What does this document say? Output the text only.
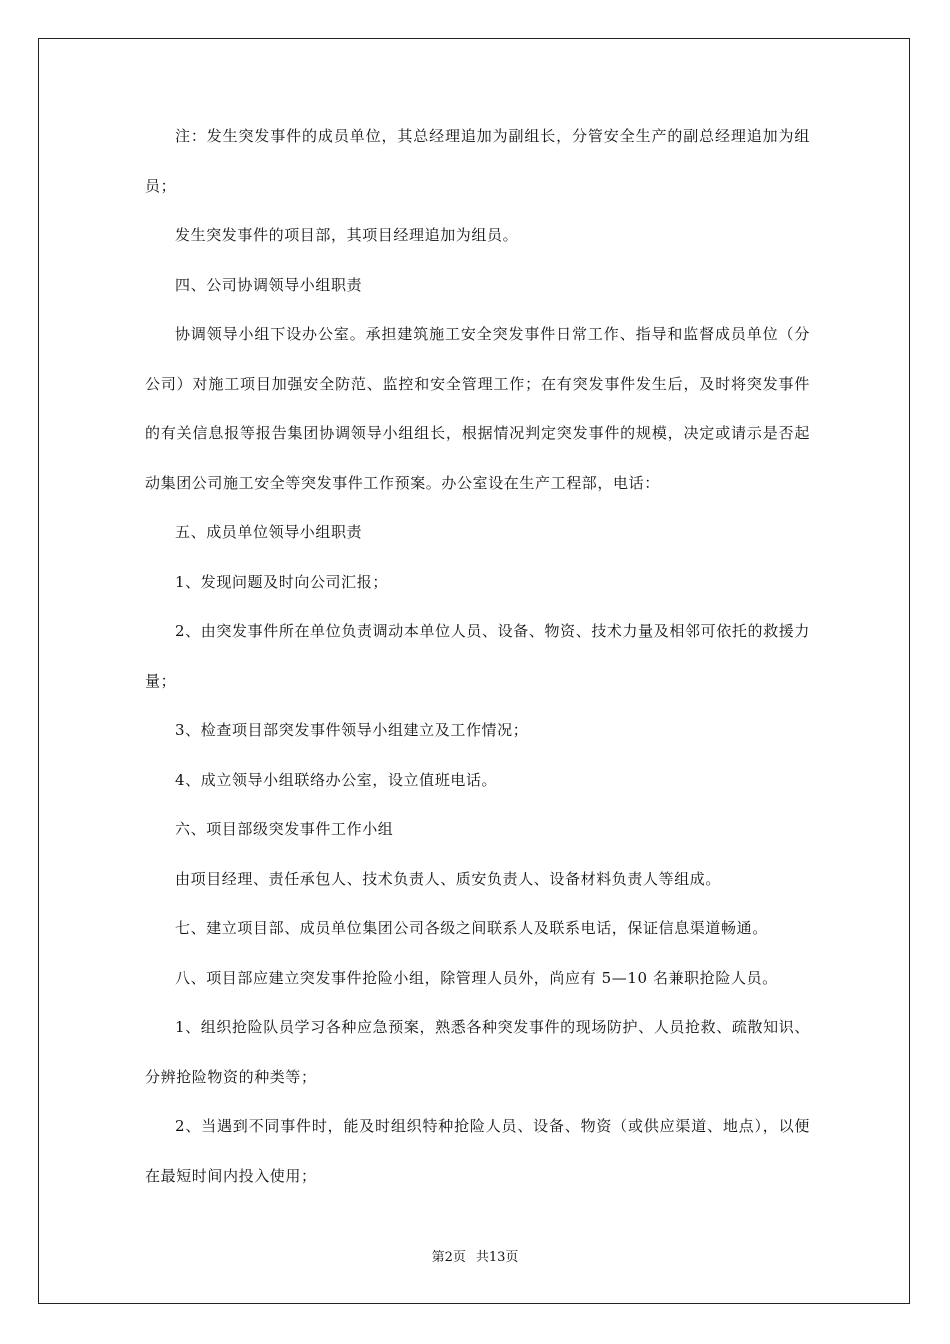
注：发生突发事件的成员单位，其总经理追加为副组长，分管安全生产的副总经理追加为组员；

发生突发事件的项目部，其项目经理追加为组员。

四、公司协调领导小组职责

协调领导小组下设办公室。承担建筑施工安全突发事件日常工作、指导和监督成员单位（分公司）对施工项目加强安全防范、监控和安全管理工作；在有突发事件发生后，及时将突发事件的有关信息报等报告集团协调领导小组组长，根据情况判定突发事件的规模，决定或请示是否起动集团公司施工安全等突发事件工作预案。办公室设在生产工程部，电话：

五、成员单位领导小组职责

1、发现问题及时向公司汇报；

2、由突发事件所在单位负责调动本单位人员、设备、物资、技术力量及相邻可依托的救援力量；

3、检查项目部突发事件领导小组建立及工作情况；

4、成立领导小组联络办公室，设立值班电话。

六、项目部级突发事件工作小组

由项目经理、责任承包人、技术负责人、质安负责人、设备材料负责人等组成。

七、建立项目部、成员单位集团公司各级之间联系人及联系电话，保证信息渠道畅通。

八、项目部应建立突发事件抢险小组，除管理人员外，尚应有 5—10 名兼职抢险人员。

1、组织抢险队员学习各种应急预案，熟悉各种突发事件的现场防护、人员抢救、疏散知识、分辨抢险物资的种类等；

2、当遇到不同事件时，能及时组织特种抢险人员、设备、物资（或供应渠道、地点），以便在最短时间内投入使用；

第2页 共13页
